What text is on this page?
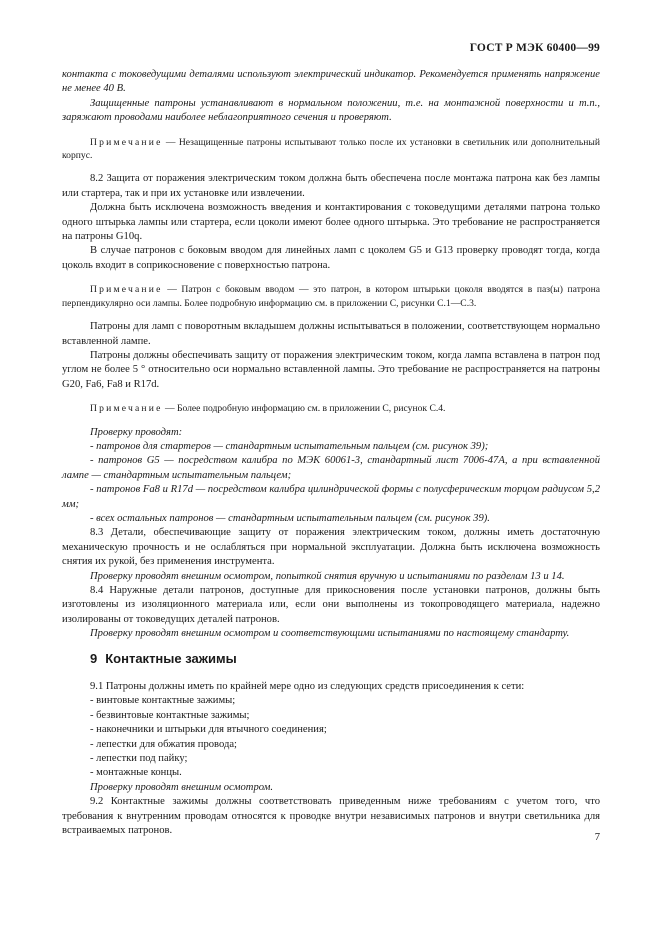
ГОСТ Р МЭК 60400—99

контакта с токоведущими деталями используют электрический индикатор. Рекомендуется применять напряжение не менее 40 В.

Защищенные патроны устанавливают в нормальном положении, т.е. на монтажной поверхности и т.п., заряжают проводами наиболее неблагоприятного сечения и проверяют.

Примечание — Незащищенные патроны испытывают только после их установки в светильник или дополнительный корпус.

8.2 Защита от поражения электрическим током должна быть обеспечена после монтажа патрона как без лампы или стартера, так и при их установке или извлечении.

Должна быть исключена возможность введения и контактирования с токоведущими деталями патрона только одного штырька лампы или стартера, если цоколи имеют более одного штырька. Это требование не распространяется на патроны G10q.

В случае патронов с боковым вводом для линейных ламп с цоколем G5 и G13 проверку проводят тогда, когда цоколь входит в соприкосновение с поверхностью патрона.

Примечание — Патрон с боковым вводом — это патрон, в котором штырьки цоколя вводятся в паз(ы) патрона перпендикулярно оси лампы. Более подробную информацию см. в приложении С, рисунки С.1—С.3.

Патроны для ламп с поворотным вкладышем должны испытываться в положении, соответствующем нормально вставленной лампе.

Патроны должны обеспечивать защиту от поражения электрическим током, когда лампа вставлена в патрон под углом не более 5 ° относительно оси нормально вставленной лампы. Это требование не распространяется на патроны G20, Fa6, Fa8 и R17d.

Примечание — Более подробную информацию см. в приложении С, рисунок С.4.

Проверку проводят:

- патронов для стартеров — стандартным испытательным пальцем (см. рисунок 39);

- патронов G5 — посредством калибра по МЭК 60061-3, стандартный лист 7006-47А, а при вставленной лампе — стандартным испытательным пальцем;

- патронов Fa8 и R17d — посредством калибра цилиндрической формы с полусферическим торцом радиусом 5,2 мм;

- всех остальных патронов — стандартным испытательным пальцем (см. рисунок 39).

8.3 Детали, обеспечивающие защиту от поражения электрическим током, должны иметь достаточную механическую прочность и не ослабляться при нормальной эксплуатации. Должна быть исключена возможность снятия их рукой, без применения инструмента.

Проверку проводят внешним осмотром, попыткой снятия вручную и испытаниями по разделам 13 и 14.

8.4 Наружные детали патронов, доступные для прикосновения после установки патронов, должны быть изготовлены из изоляционного материала или, если они выполнены из токопроводящего материала, надежно изолированы от токоведущих деталей патронов.

Проверку проводят внешним осмотром и соответствующими испытаниями по настоящему стандарту.

9 Контактные зажимы

9.1 Патроны должны иметь по крайней мере одно из следующих средств присоединения к сети:

- винтовые контактные зажимы;

- безвинтовые контактные зажимы;

- наконечники и штырьки для втычного соединения;

- лепестки для обжатия провода;

- лепестки под пайку;

- монтажные концы.

Проверку проводят внешним осмотром.

9.2 Контактные зажимы должны соответствовать приведенным ниже требованиям с учетом того, что требования к внутренним проводам относятся к проводке внутри независимых патронов и внутри светильника для встраиваемых патронов.

7
